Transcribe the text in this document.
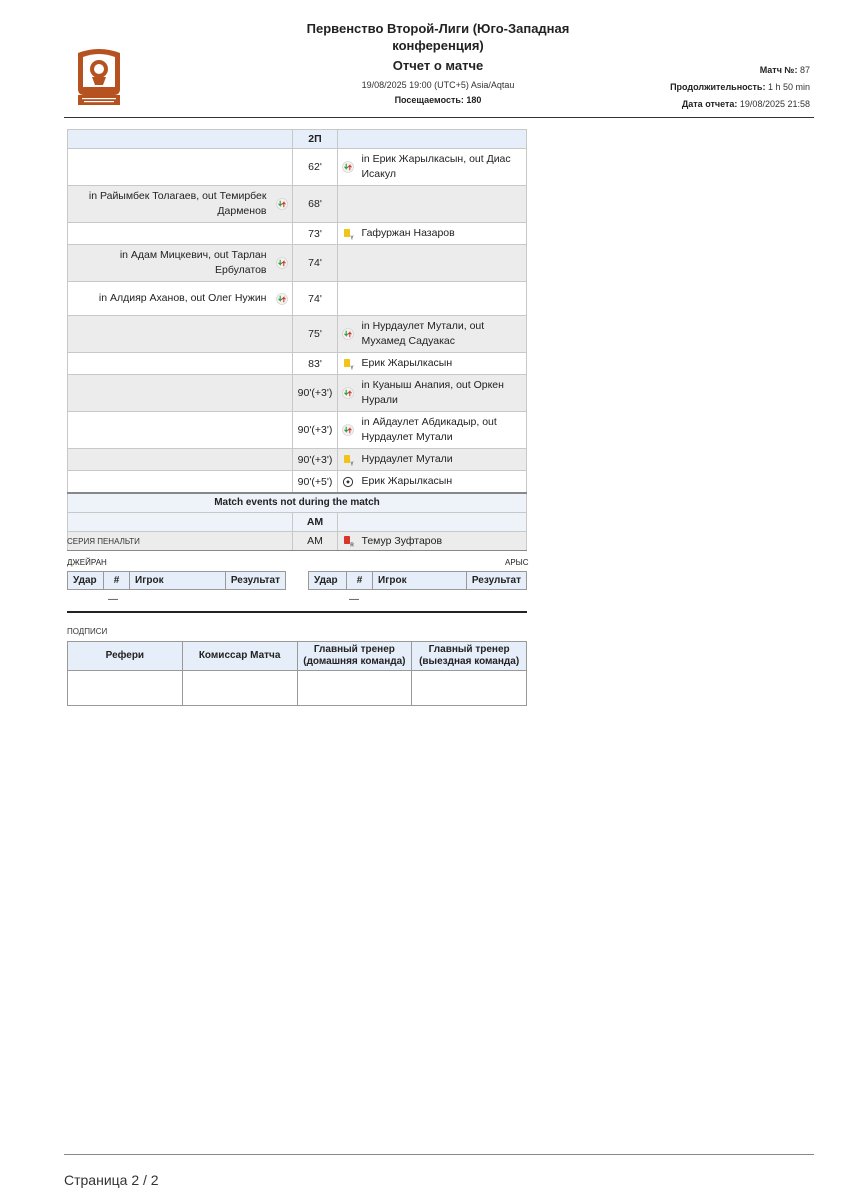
Первенство Второй-Лиги (Юго-Западная конференция)
Отчет о матче
19/08/2025 19:00 (UTC+5) Asia/Aqtau
Посещаемость: 180
Матч №: 87
Продолжительность: 1 h 50 min
Дата отчета: 19/08/2025 21:58
		2П		
		62'		in Ерик Жарылкасын, out Диас Исакул
in Райымбек Толагаев, out Темирбек Дарменов		68'		
		73'	Y	Гафуржан Назаров
in Адам Мицкевич, out Тарлан Ербулатов		74'		
in Алдияр Аханов, out Олег Нужин		74'		
		75'		in Нурдаулет Мутали, out Мухамед Садуакас
		83'	Y	Ерик Жарылкасын
		90'(+3')		in Куаныш Анапия, out Оркен Нурали
		90'(+3')		in Айдаулет Абдикадыр, out Нурдаулет Мутали
		90'(+3')	Y	Нурдаулет Мутали
		90'(+5')		Ерик Жарылкасын
Match events not during the match				
		АМ		
		АМ	R	Темур Зуфтаров
СЕРИЯ ПЕНАЛЬТИ
ДЖЕЙРАН	АРЫС
Удар	#	Игрок	Результат	Удар	#	Игрок	Результат
—	—
ПОДПИСИ
Рефери	Комиссар Матча	Главный тренер (домашняя команда)	Главный тренер (выездная команда)

Страница 2 / 2
